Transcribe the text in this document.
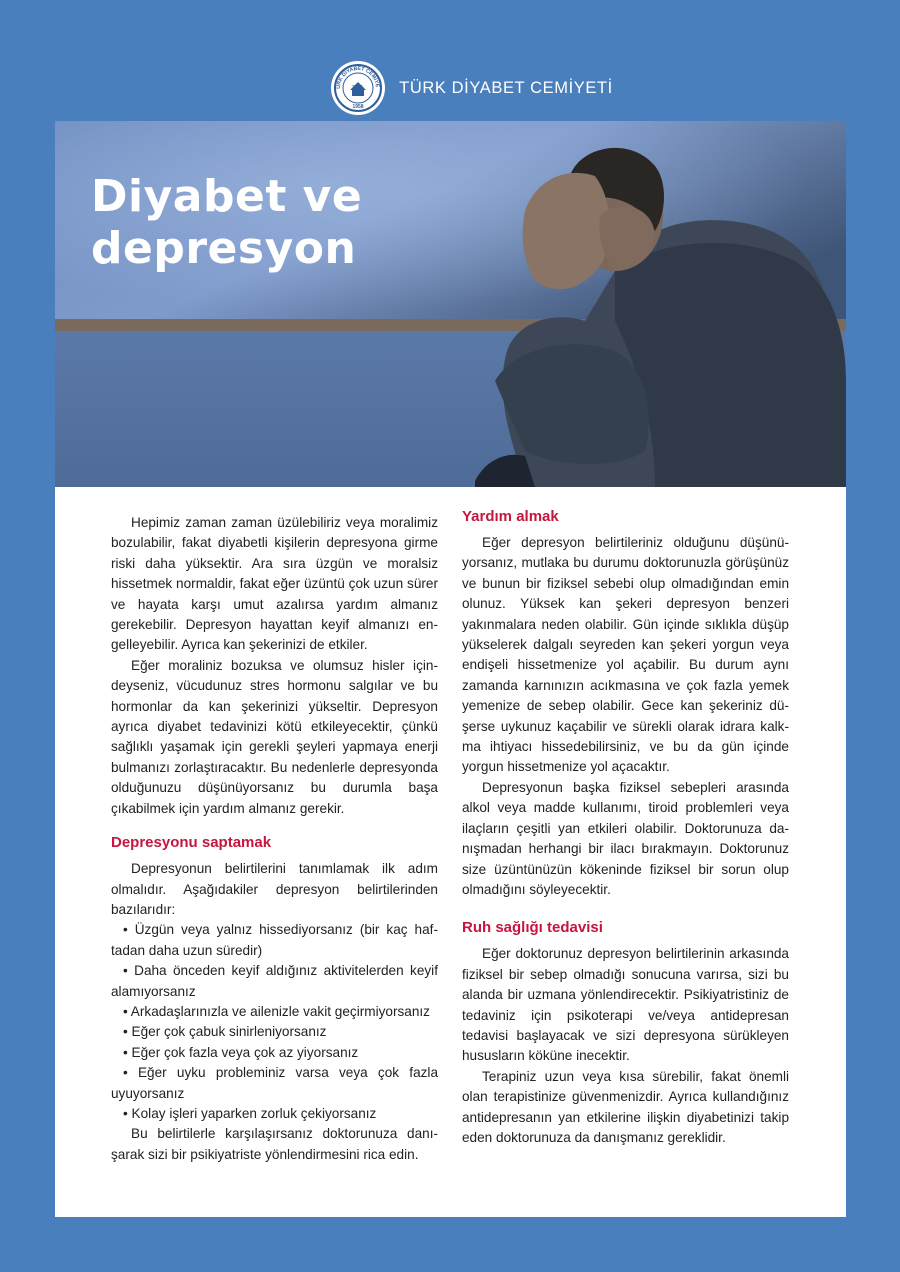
ÜRK DİYABET CEMİYE
T.D.C.
1958
TÜRK DİYABET CEMİYETİ
Diyabet ve
depresyon

Hepimiz zaman zaman üzülebiliriz veya moralimiz bozulabilir, fakat diyabetli kişilerin depresyona girme riski daha yüksektir. Ara sıra üzgün ve moralsiz hissetmek normaldir, fakat eğer üzüntü çok uzun sürer ve hayata karşı umut azalırsa yardım almanız gerekebilir. Depresyon hayattan keyif almanızı engelleyebilir. Ayrıca kan şekerinizi de etkiler.

Eğer moraliniz bozuksa ve olumsuz hisler içindeyseniz, vücudunuz stres hormonu salgılar ve bu hormonlar da kan şekerinizi yükseltir. Depresyon ayrıca diyabet tedavinizi kötü etkileyecektir, çünkü sağlıklı yaşamak için gerekli şeyleri yapmaya enerji bulmanızı zorlaştıracaktır. Bu nedenlerle depresyonda olduğunuzu düşünüyorsanız bu durumla başa çıkabilmek için yardım almanız gerekir.

Depresyonu saptamak

Depresyonun belirtilerini tanımlamak ilk adım olmalıdır. Aşağıdakiler depresyon belirtilerinden bazılarıdır:

• Üzgün veya yalnız hissediyorsanız (bir kaç haftadan daha uzun süredir)
• Daha önceden keyif aldığınız aktivitelerden keyif alamıyorsanız
• Arkadaşlarınızla ve ailenizle vakit geçirmiyorsanız
• Eğer çok çabuk sinirleniyorsanız
• Eğer çok fazla veya çok az yiyorsanız
• Eğer uyku probleminiz varsa veya çok fazla uyuyorsanız
• Kolay işleri yaparken zorluk çekiyorsanız

Bu belirtilerle karşılaşırsanız doktorunuza danışarak sizi bir psikiyatriste yönlendirmesini rica edin.

Yardım almak

Eğer depresyon belirtileriniz olduğunu düşünüyorsanız, mutlaka bu durumu doktorunuzla görüşünüz ve bunun bir fiziksel sebebi olup olmadığından emin olunuz. Yüksek kan şekeri depresyon benzeri yakınmalara neden olabilir. Gün içinde sıklıkla düşüp yükselerek dalgalı seyreden kan şekeri yorgun veya endişeli hissetmenize yol açabilir. Bu durum aynı zamanda karnınızın acıkmasına ve çok fazla yemek yemenize de sebep olabilir. Gece kan şekeriniz düşerse uykunuz kaçabilir ve sürekli olarak idrara kalkma ihtiyacı hissedebilirsiniz, ve bu da gün içinde yorgun hissetmenize yol açacaktır.

Depresyonun başka fiziksel sebepleri arasında alkol veya madde kullanımı, tiroid problemleri veya ilaçların çeşitli yan etkileri olabilir. Doktorunuza danışmadan herhangi bir ilacı bırakmayın. Doktorunuz size üzüntünüzün kökeninde fiziksel bir sorun olup olmadığını söyleyecektir.

Ruh sağlığı tedavisi

Eğer doktorunuz depresyon belirtilerinin arkasında fiziksel bir sebep olmadığı sonucuna varırsa, sizi bu alanda bir uzmana yönlendirecektir. Psikiyatristiniz de tedaviniz için psikoterapi ve/veya antidepresan tedavisi başlayacak ve sizi depresyona sürükleyen hususların köküne inecektir.

Terapiniz uzun veya kısa sürebilir, fakat önemli olan terapistinize güvenmenizdir. Ayrıca kullandığınız antidepresanın yan etkilerine ilişkin diyabetinizi takip eden doktorunuza da danışmanız gereklidir.
